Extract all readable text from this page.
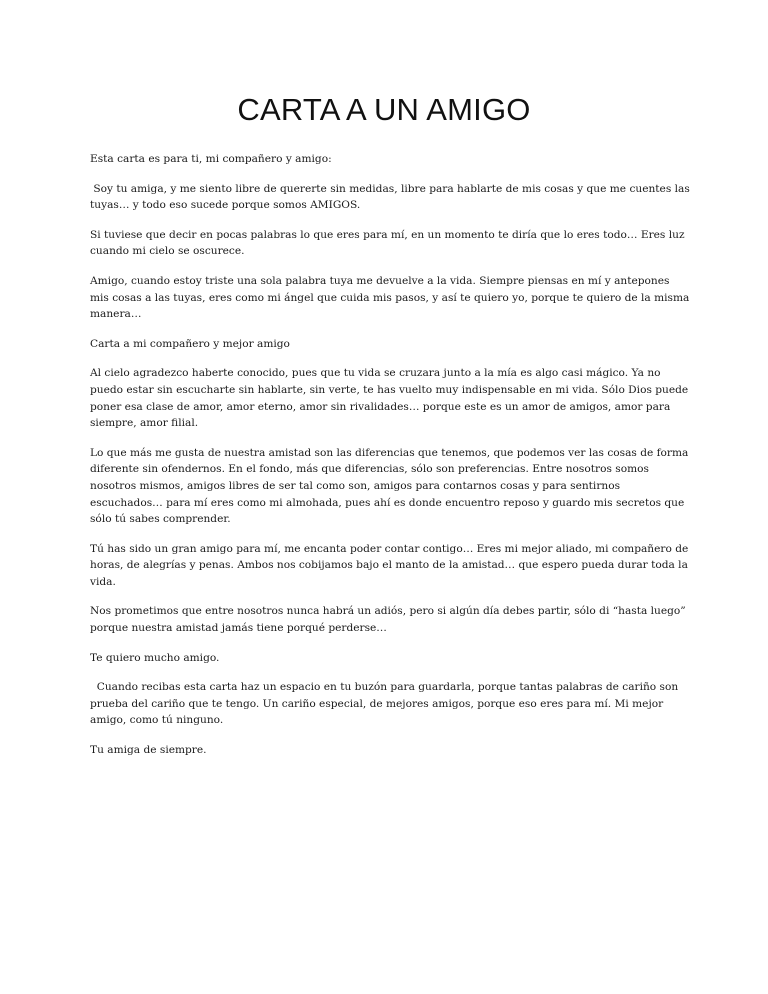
CARTA A UN AMIGO

Esta carta es para ti, mi compañero y amigo:

Soy tu amiga, y me siento libre de quererte sin medidas, libre para hablarte de mis cosas y que me cuentes las tuyas… y todo eso sucede porque somos AMIGOS.

Si tuviese que decir en pocas palabras lo que eres para mí, en un momento te diría que lo eres todo… Eres luz cuando mi cielo se oscurece.

Amigo, cuando estoy triste una sola palabra tuya me devuelve a la vida. Siempre piensas en mí y antepones mis cosas a las tuyas, eres como mi ángel que cuida mis pasos, y así te quiero yo, porque te quiero de la misma manera…

Carta a mi compañero y mejor amigo

Al cielo agradezco haberte conocido, pues que tu vida se cruzara junto a la mía es algo casi mágico. Ya no puedo estar sin escucharte sin hablarte, sin verte, te has vuelto muy indispensable en mi vida. Sólo Dios puede poner esa clase de amor, amor eterno, amor sin rivalidades… porque este es un amor de amigos, amor para siempre, amor filial.

Lo que más me gusta de nuestra amistad son las diferencias que tenemos, que podemos ver las cosas de forma diferente sin ofendernos. En el fondo, más que diferencias, sólo son preferencias. Entre nosotros somos nosotros mismos, amigos libres de ser tal como son, amigos para contarnos cosas y para sentirnos escuchados… para mí eres como mi almohada, pues ahí es donde encuentro reposo y guardo mis secretos que sólo tú sabes comprender.

Tú has sido un gran amigo para mí, me encanta poder contar contigo… Eres mi mejor aliado, mi compañero de horas, de alegrías y penas. Ambos nos cobijamos bajo el manto de la amistad… que espero pueda durar toda la vida.

Nos prometimos que entre nosotros nunca habrá un adiós, pero si algún día debes partir, sólo di “hasta luego” porque nuestra amistad jamás tiene porqué perderse…

Te quiero mucho amigo.

Cuando recibas esta carta haz un espacio en tu buzón para guardarla, porque tantas palabras de cariño son prueba del cariño que te tengo. Un cariño especial, de mejores amigos, porque eso eres para mí. Mi mejor amigo, como tú ninguno.

Tu amiga de siempre.
